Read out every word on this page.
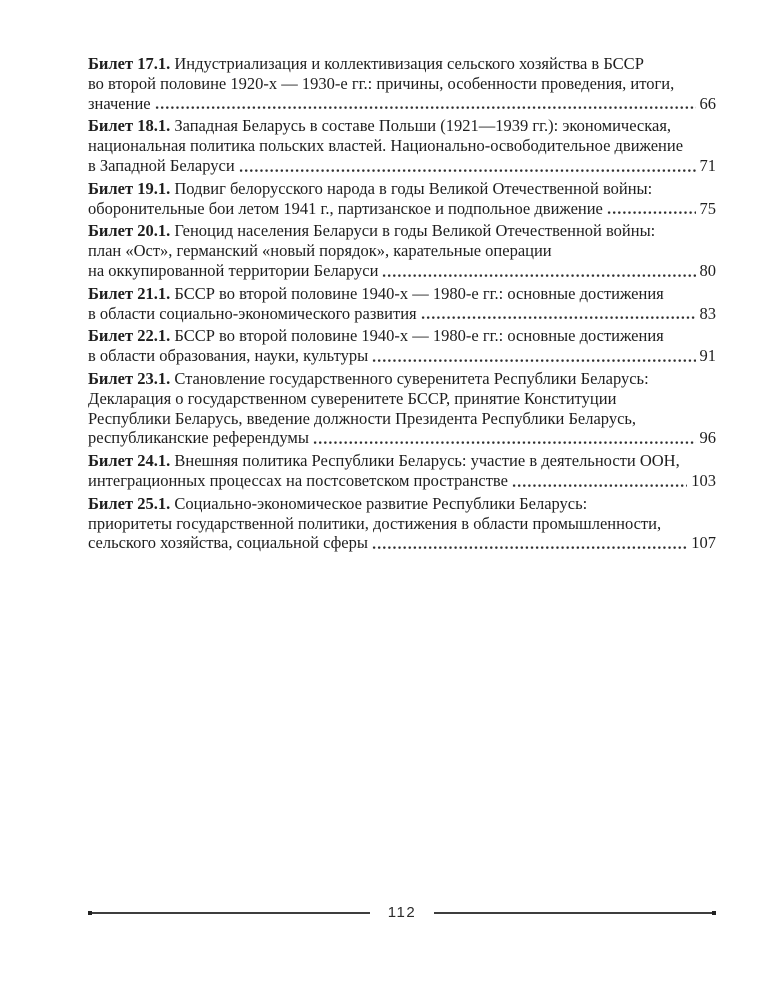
Билет 17.1. Индустриализация и коллективизация сельского хозяйства в БССР
во второй половине 1920-х — 1930-е гг.: причины, особенности проведения, итоги,
значение	66
Билет 18.1. Западная Беларусь в составе Польши (1921—1939 гг.): экономическая,
национальная политика польских властей. Национально-освободительное движение
в Западной Беларуси	71
Билет 19.1. Подвиг белорусского народа в годы Великой Отечественной войны:
оборонительные бои летом 1941 г., партизанское и подпольное движение	75
Билет 20.1. Геноцид населения Беларуси в годы Великой Отечественной войны:
план «Ост», германский «новый порядок», карательные операции
на оккупированной территории Беларуси	80
Билет 21.1. БССР во второй половине 1940-х — 1980-е гг.: основные достижения
в области социально-экономического развития	83
Билет 22.1. БССР во второй половине 1940-х — 1980-е гг.: основные достижения
в области образования, науки, культуры	91
Билет 23.1. Становление государственного суверенитета Республики Беларусь:
Декларация о государственном суверенитете БССР, принятие Конституции
Республики Беларусь, введение должности Президента Республики Беларусь,
республиканские референдумы	96
Билет 24.1. Внешняя политика Республики Беларусь: участие в деятельности ООН,
интеграционных процессах на постсоветском пространстве	103
Билет 25.1. Социально-экономическое развитие Республики Беларусь:
приоритеты государственной политики, достижения в области промышленности,
сельского хозяйства, социальной сферы	107
112
